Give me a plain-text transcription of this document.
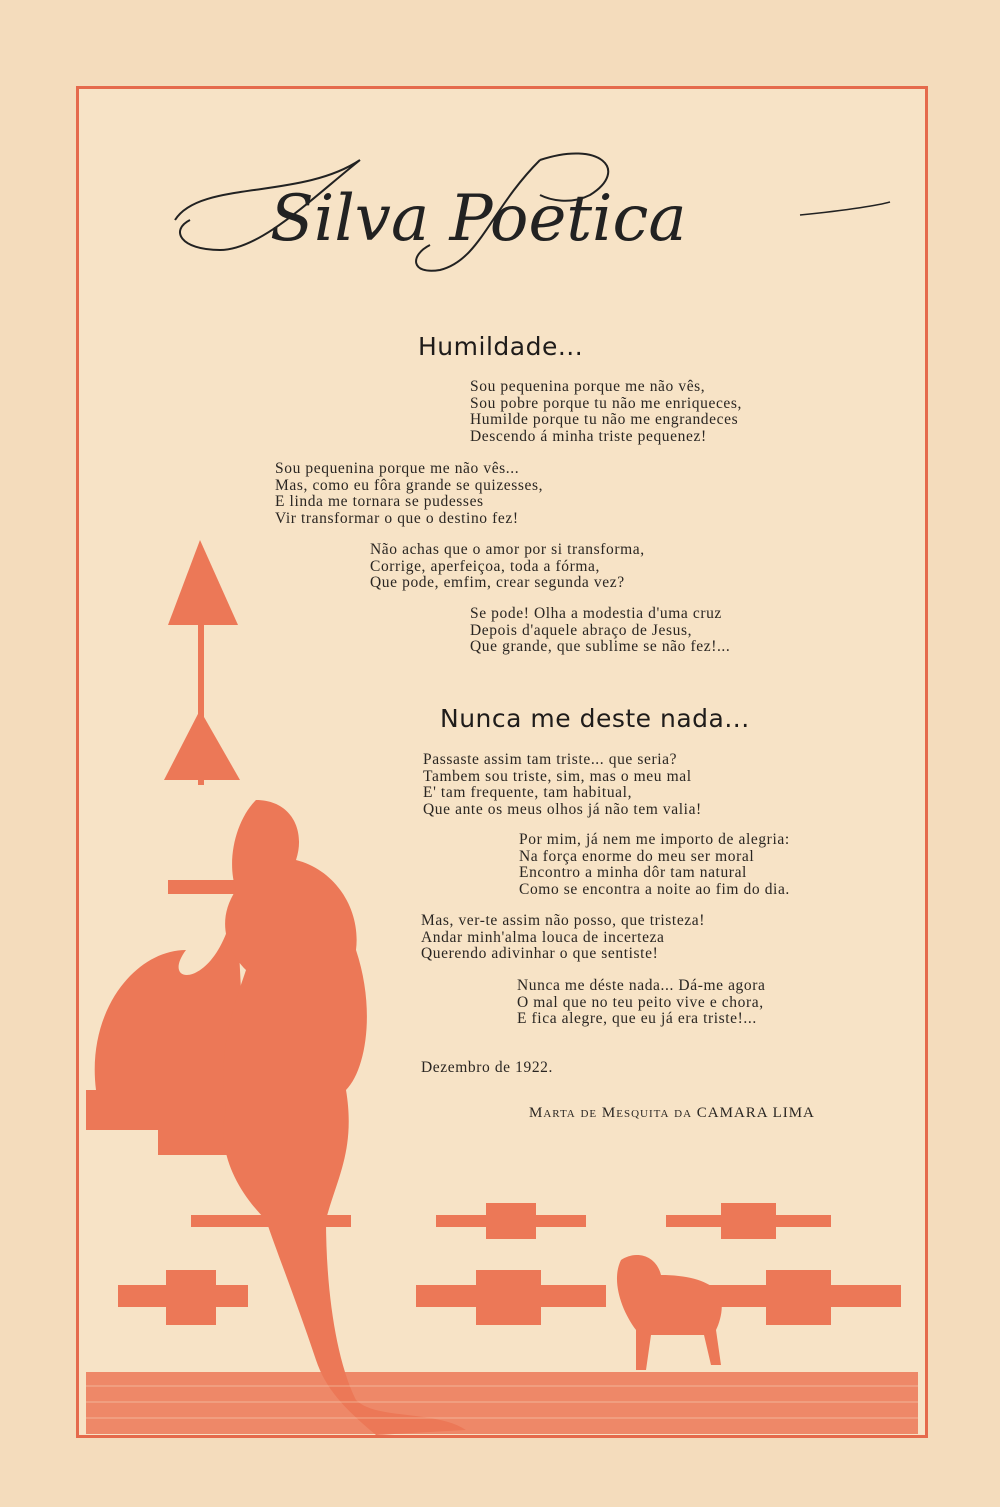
Silva Poetica
Humildade...
Sou pequenina porque me não vês,
Sou pobre porque tu não me enriqueces,
Humilde porque tu não me engrandeces
Descendo á minha triste pequenez!
Sou pequenina porque me não vês...
Mas, como eu fôra grande se quizesses,
E linda me tornara se pudesses
Vir transformar o que o destino fez!
Não achas que o amor por si transforma,
Corrige, aperfeiçoa, toda a fórma,
Que pode, emfim, crear segunda vez?
Se pode! Olha a modestia d'uma cruz
Depois d'aquele abraço de Jesus,
Que grande, que sublime se não fez!...
Nunca me deste nada...
Passaste assim tam triste... que seria?
Tambem sou triste, sim, mas o meu mal
E' tam frequente, tam habitual,
Que ante os meus olhos já não tem valia!
Por mim, já nem me importo de alegria:
Na força enorme do meu ser moral
Encontro a minha dôr tam natural
Como se encontra a noite ao fim do dia.
Mas, ver-te assim não posso, que tristeza!
Andar minh'alma louca de incerteza
Querendo adivinhar o que sentiste!
Nunca me déste nada... Dá-me agora
O mal que no teu peito vive e chora,
E fica alegre, que eu já era triste!...
Dezembro de 1922.
Marta de Mesquita da CAMARA LIMA
